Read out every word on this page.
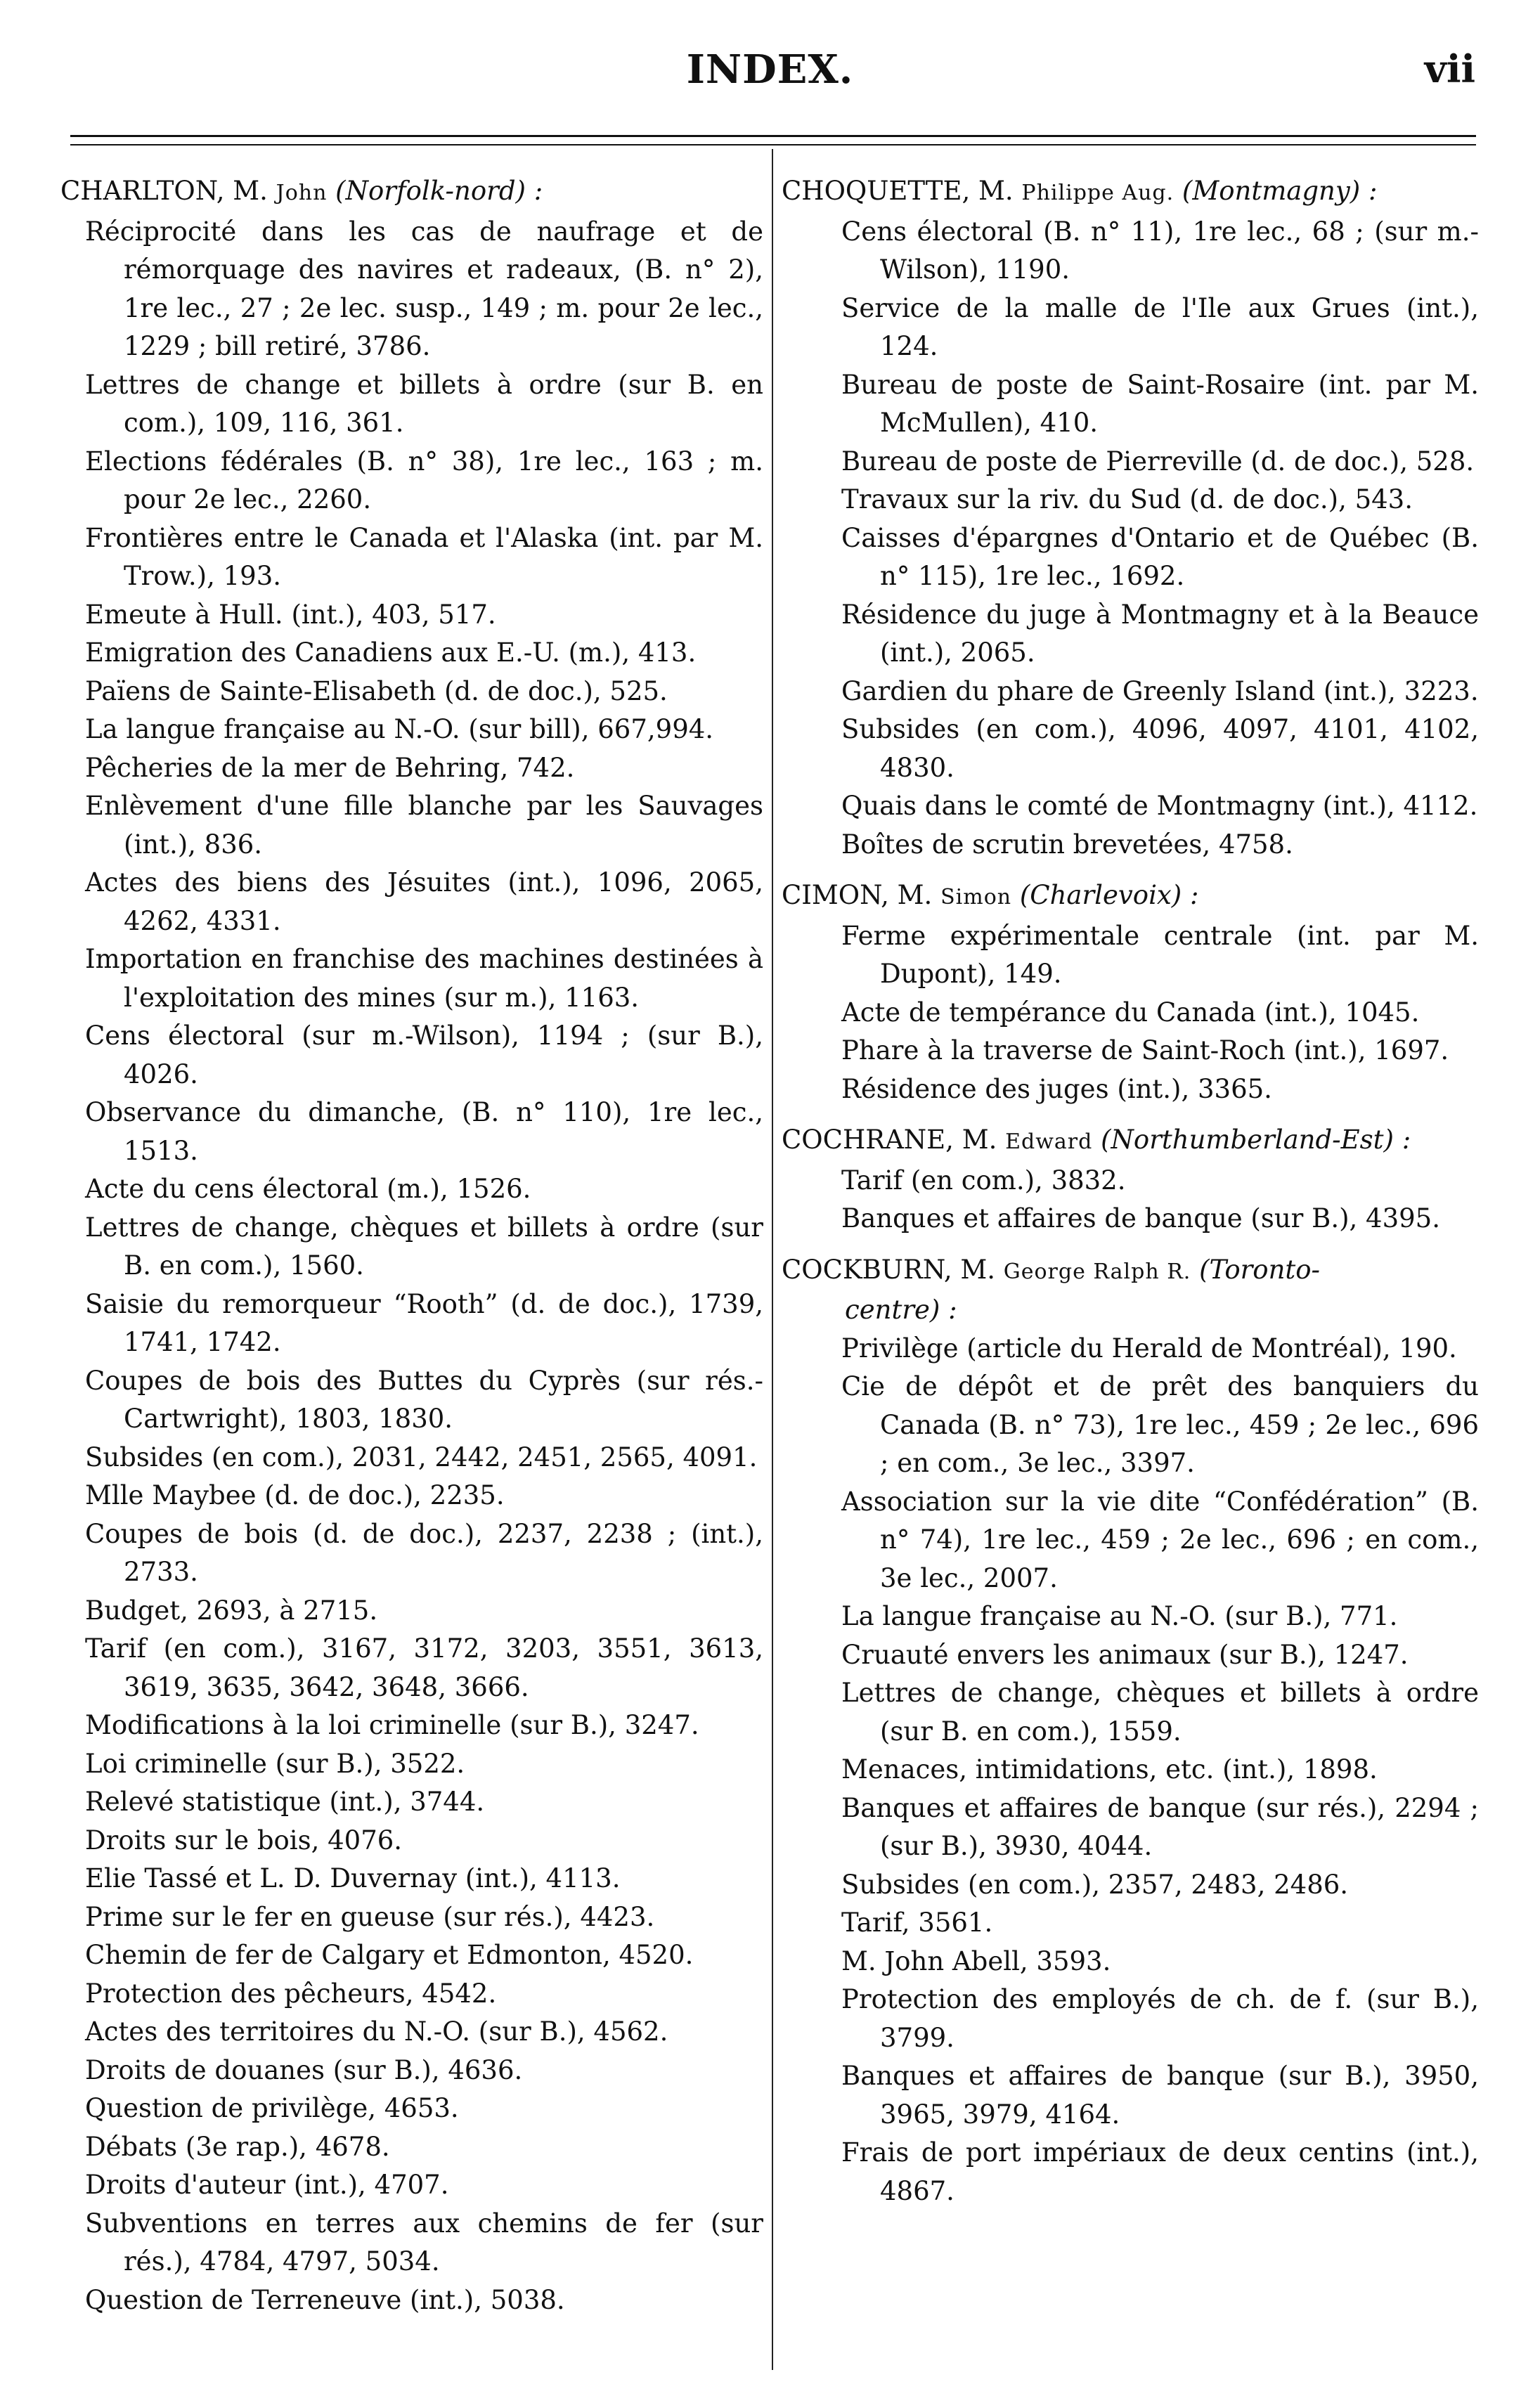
INDEX.	vii
CHARLTON, M. John (Norfolk-nord) :

Réciprocité dans les cas de naufrage et de rémorquage des navires et radeaux, (B. n° 2), 1re lec., 27 ; 2e lec. susp., 149 ; m. pour 2e lec., 1229 ; bill retiré, 3786.

Lettres de change et billets à ordre (sur B. en com.), 109, 116, 361.

Elections fédérales (B. n° 38), 1re lec., 163 ; m. pour 2e lec., 2260.

Frontières entre le Canada et l'Alaska (int. par M. Trow.), 193.

Emeute à Hull. (int.), 403, 517.

Emigration des Canadiens aux E.-U. (m.), 413.

Païens de Sainte-Elisabeth (d. de doc.), 525.

La langue française au N.-O. (sur bill), 667,994.

Pêcheries de la mer de Behring, 742.

Enlèvement d'une fille blanche par les Sauvages (int.), 836.

Actes des biens des Jésuites (int.), 1096, 2065, 4262, 4331.

Importation en franchise des machines destinées à l'exploitation des mines (sur m.), 1163.

Cens électoral (sur m.-Wilson), 1194 ; (sur B.), 4026.

Observance du dimanche, (B. n° 110), 1re lec., 1513.

Acte du cens électoral (m.), 1526.

Lettres de change, chèques et billets à ordre (sur B. en com.), 1560.

Saisie du remorqueur “Rooth” (d. de doc.), 1739, 1741, 1742.

Coupes de bois des Buttes du Cyprès (sur rés.-Cartwright), 1803, 1830.

Subsides (en com.), 2031, 2442, 2451, 2565, 4091.

Mlle Maybee (d. de doc.), 2235.

Coupes de bois (d. de doc.), 2237, 2238 ; (int.), 2733.

Budget, 2693, à 2715.

Tarif (en com.), 3167, 3172, 3203, 3551, 3613, 3619, 3635, 3642, 3648, 3666.

Modifications à la loi criminelle (sur B.), 3247.

Loi criminelle (sur B.), 3522.

Relevé statistique (int.), 3744.

Droits sur le bois, 4076.

Elie Tassé et L. D. Duvernay (int.), 4113.

Prime sur le fer en gueuse (sur rés.), 4423.

Chemin de fer de Calgary et Edmonton, 4520.

Protection des pêcheurs, 4542.

Actes des territoires du N.-O. (sur B.), 4562.

Droits de douanes (sur B.), 4636.

Question de privilège, 4653.

Débats (3e rap.), 4678.

Droits d'auteur (int.), 4707.

Subventions en terres aux chemins de fer (sur rés.), 4784, 4797, 5034.

Question de Terreneuve (int.), 5038.

CHOQUETTE, M. Philippe Aug. (Montmagny) :

Cens électoral (B. n° 11), 1re lec., 68 ; (sur m.-Wilson), 1190.

Service de la malle de l'Ile aux Grues (int.), 124.

Bureau de poste de Saint-Rosaire (int. par M. McMullen), 410.

Bureau de poste de Pierreville (d. de doc.), 528.

Travaux sur la riv. du Sud (d. de doc.), 543.

Caisses d'épargnes d'Ontario et de Québec (B. n° 115), 1re lec., 1692.

Résidence du juge à Montmagny et à la Beauce (int.), 2065.

Gardien du phare de Greenly Island (int.), 3223.

Subsides (en com.), 4096, 4097, 4101, 4102, 4830.

Quais dans le comté de Montmagny (int.), 4112.

Boîtes de scrutin brevetées, 4758.

CIMON, M. Simon (Charlevoix) :

Ferme expérimentale centrale (int. par M. Dupont), 149.

Acte de tempérance du Canada (int.), 1045.

Phare à la traverse de Saint-Roch (int.), 1697.

Résidence des juges (int.), 3365.

COCHRANE, M. Edward (Northumberland-Est) :

Tarif (en com.), 3832.

Banques et affaires de banque (sur B.), 4395.

COCKBURN, M. George Ralph R. (Toronto-
centre) :

Privilège (article du Herald de Montréal), 190.

Cie de dépôt et de prêt des banquiers du Canada (B. n° 73), 1re lec., 459 ; 2e lec., 696 ; en com., 3e lec., 3397.

Association sur la vie dite “Confédération” (B. n° 74), 1re lec., 459 ; 2e lec., 696 ; en com., 3e lec., 2007.

La langue française au N.-O. (sur B.), 771.

Cruauté envers les animaux (sur B.), 1247.

Lettres de change, chèques et billets à ordre (sur B. en com.), 1559.

Menaces, intimidations, etc. (int.), 1898.

Banques et affaires de banque (sur rés.), 2294 ; (sur B.), 3930, 4044.

Subsides (en com.), 2357, 2483, 2486.

Tarif, 3561.

M. John Abell, 3593.

Protection des employés de ch. de f. (sur B.), 3799.

Banques et affaires de banque (sur B.), 3950, 3965, 3979, 4164.

Frais de port impériaux de deux centins (int.), 4867.
